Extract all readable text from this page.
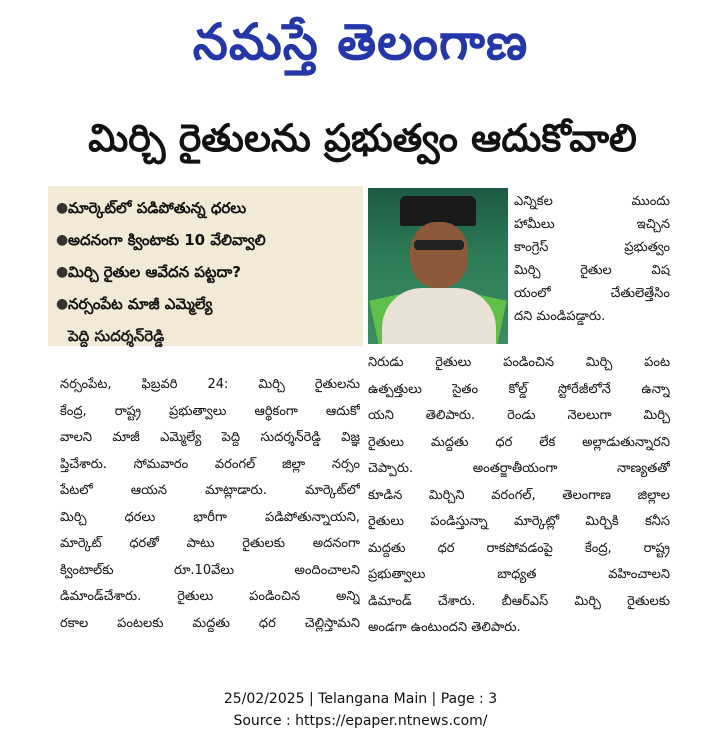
నమస్తే తెలంగాణ
మిర్చి రైతులను ప్రభుత్వం ఆదుకోవాలి
● మార్కెట్‌లో పడిపోతున్న ధరలు
● అదనంగా క్వింటాకు 10 వేలివ్వాలి
● మిర్చి రైతుల ఆవేదన పట్టదా?
● నర్సంపేట మాజీ ఎమ్మెల్యే
పెద్ది సుదర్శన్‌రెడ్డి
ఎన్నికల ముందు
హామీలు ఇచ్చిన
కాంగ్రెస్ ప్రభుత్వం
మిర్చి రైతుల విష
యంలో చేతులెత్తేసిం
దని మండిపడ్డారు.
నర్సంపేట, ఫిబ్రవరి 24: మిర్చి రైతులను
కేంద్ర, రాష్ట్ర ప్రభుత్వాలు ఆర్థికంగా ఆదుకో
వాలని మాజీ ఎమ్మెల్యే పెద్ది సుదర్శన్‌రెడ్డి విజ్ఞ
ప్తిచేశారు. సోమవారం వరంగల్ జిల్లా నర్సం
పేటలో ఆయన మాట్లాడారు. మార్కెట్‌లో
మిర్చి ధరలు భారీగా పడిపోతున్నాయని,
మార్కెట్ ధరతో పాటు రైతులకు అదనంగా
క్వింటాల్‌కు రూ.10వేలు అందించాలని
డిమాండ్‌చేశారు. రైతులు పండించిన అన్ని
రకాల పంటలకు మద్దతు ధర చెల్లిస్తామని
నిరుడు రైతులు పండించిన మిర్చి పంట
ఉత్పత్తులు సైతం కోల్డ్ స్టోరేజీలోనే ఉన్నా
యని తెలిపారు. రెండు నెలలుగా మిర్చి
రైతులు మద్దతు ధర లేక అల్లాడుతున్నారని
చెప్పారు. అంతర్జాతీయంగా నాణ్యతతో
కూడిన మిర్చిని వరంగల్, తెలంగాణ జిల్లాల
రైతులు పండిస్తున్నా మార్కెట్లో మిర్చికి కనీస
మద్దతు ధర రాకపోవడంపై కేంద్ర, రాష్ట్ర
ప్రభుత్వాలు బాధ్యత వహించాలని
డిమాండ్ చేశారు. బీఆర్‌ఎస్ మిర్చి రైతులకు
అండగా ఉంటుందని తెలిపారు.
25/02/2025 | Telangana Main | Page : 3
Source : https://epaper.ntnews.com/
